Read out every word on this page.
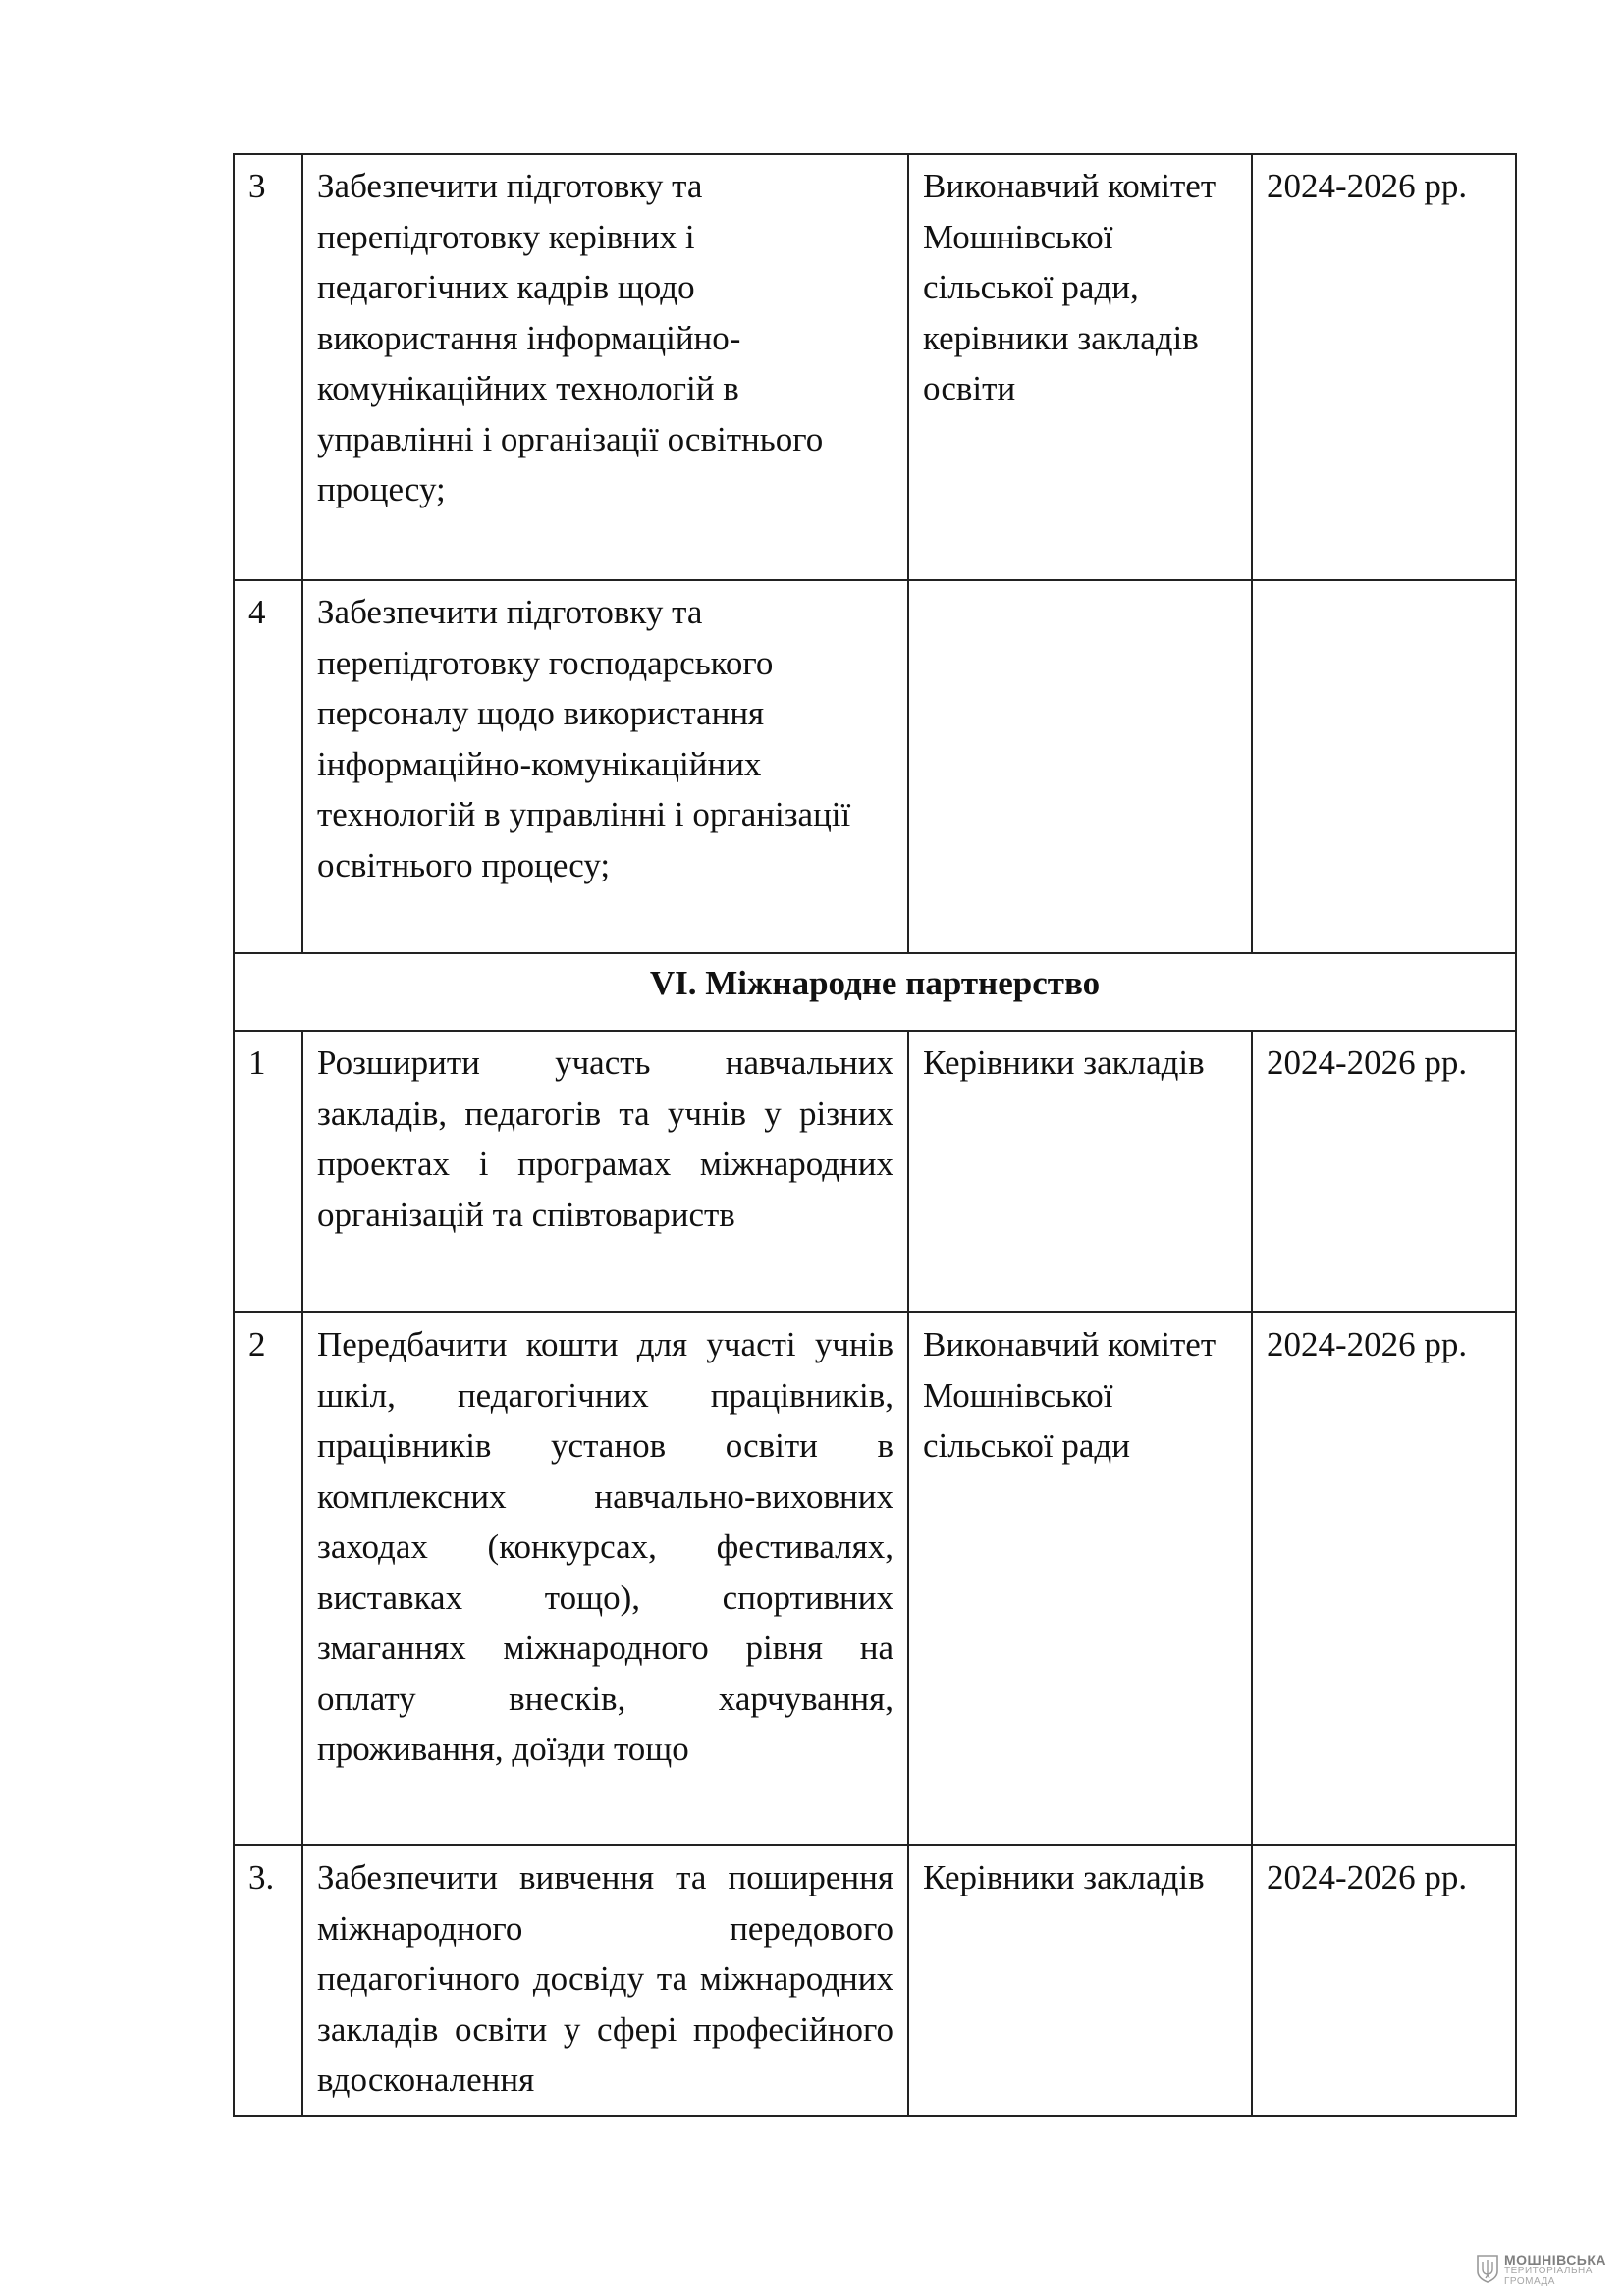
3	Забезпечити підготовку та перепідготовку керівних і педагогічних кадрів щодо використання інформаційно-комунікаційних технологій в управлінні і організації освітнього процесу;	Виконавчий комітет Мошнівської сільської ради, керівники закладів освіти	2024-2026 рр.
4	Забезпечити підготовку та перепідготовку господарського персоналу щодо використання інформаційно-комунікаційних технологій в управлінні і організації освітнього процесу;		
VI. Міжнародне партнерство			
1	Розширити участь навчальних закладів, педагогів та учнів у різних проектах і програмах міжнародних організацій та співтовариств	Керівники закладів	2024-2026 рр.
2	Передбачити кошти для участі учнів шкіл, педагогічних працівників, працівників установ освіти в комплексних навчально-виховних заходах (конкурсах, фестивалях, виставках тощо), спортивних змаганнях міжнародного рівня на оплату внесків, харчування, проживання, доїзди тощо	Виконавчий комітет Мошнівської сільської ради	2024-2026 рр.
3.	Забезпечити вивчення та поширення міжнародного передового педагогічного досвіду та міжнародних закладів освіти у сфері професійного вдосконалення	Керівники закладів	2024-2026 рр.
МОШНІВСЬКА
ТЕРИТОРІАЛЬНА
ГРОМАДА
